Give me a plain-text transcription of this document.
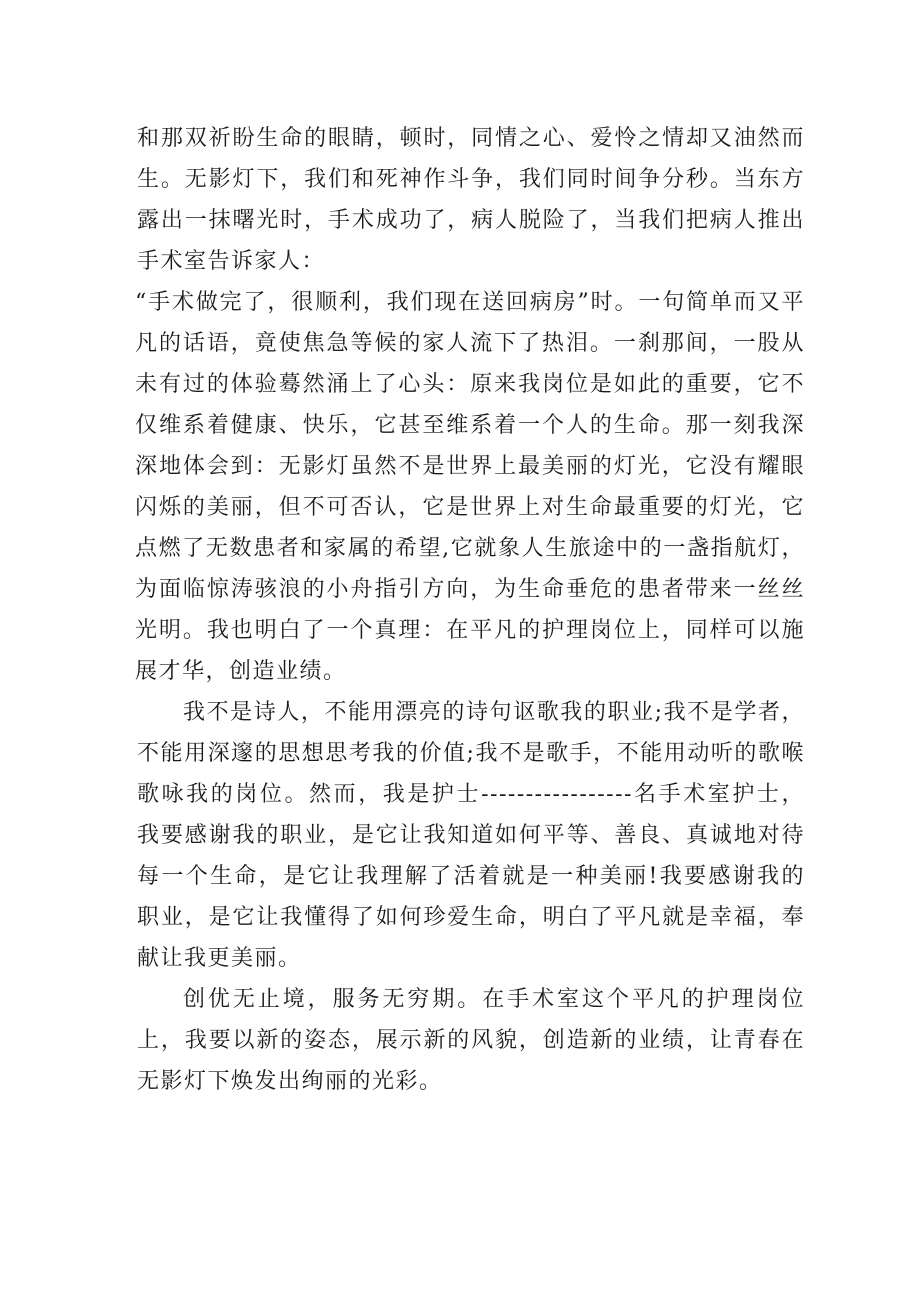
和那双祈盼生命的眼睛，顿时，同情之心、爱怜之情却又油然而生。无影灯下，我们和死神作斗争，我们同时间争分秒。当东方露出一抹曙光时，手术成功了，病人脱险了，当我们把病人推出手术室告诉家人：

“手术做完了，很顺利，我们现在送回病房”时。一句简单而又平凡的话语，竟使焦急等候的家人流下了热泪。一刹那间，一股从未有过的体验蓦然涌上了心头：原来我岗位是如此的重要，它不仅维系着健康、快乐，它甚至维系着一个人的生命。那一刻我深深地体会到：无影灯虽然不是世界上最美丽的灯光，它没有耀眼闪烁的美丽，但不可否认，它是世界上对生命最重要的灯光，它点燃了无数患者和家属的希望,它就象人生旅途中的一盏指航灯，为面临惊涛骇浪的小舟指引方向，为生命垂危的患者带来一丝丝光明。我也明白了一个真理：在平凡的护理岗位上，同样可以施展才华，创造业绩。

我不是诗人，不能用漂亮的诗句讴歌我的职业;我不是学者，不能用深邃的思想思考我的价值;我不是歌手，不能用动听的歌喉歌咏我的岗位。然而，我是护士-----------------名手术室护士，我要感谢我的职业，是它让我知道如何平等、善良、真诚地对待每一个生命，是它让我理解了活着就是一种美丽!我要感谢我的职业，是它让我懂得了如何珍爱生命，明白了平凡就是幸福，奉献让我更美丽。

创优无止境，服务无穷期。在手术室这个平凡的护理岗位上，我要以新的姿态，展示新的风貌，创造新的业绩，让青春在无影灯下焕发出绚丽的光彩。
